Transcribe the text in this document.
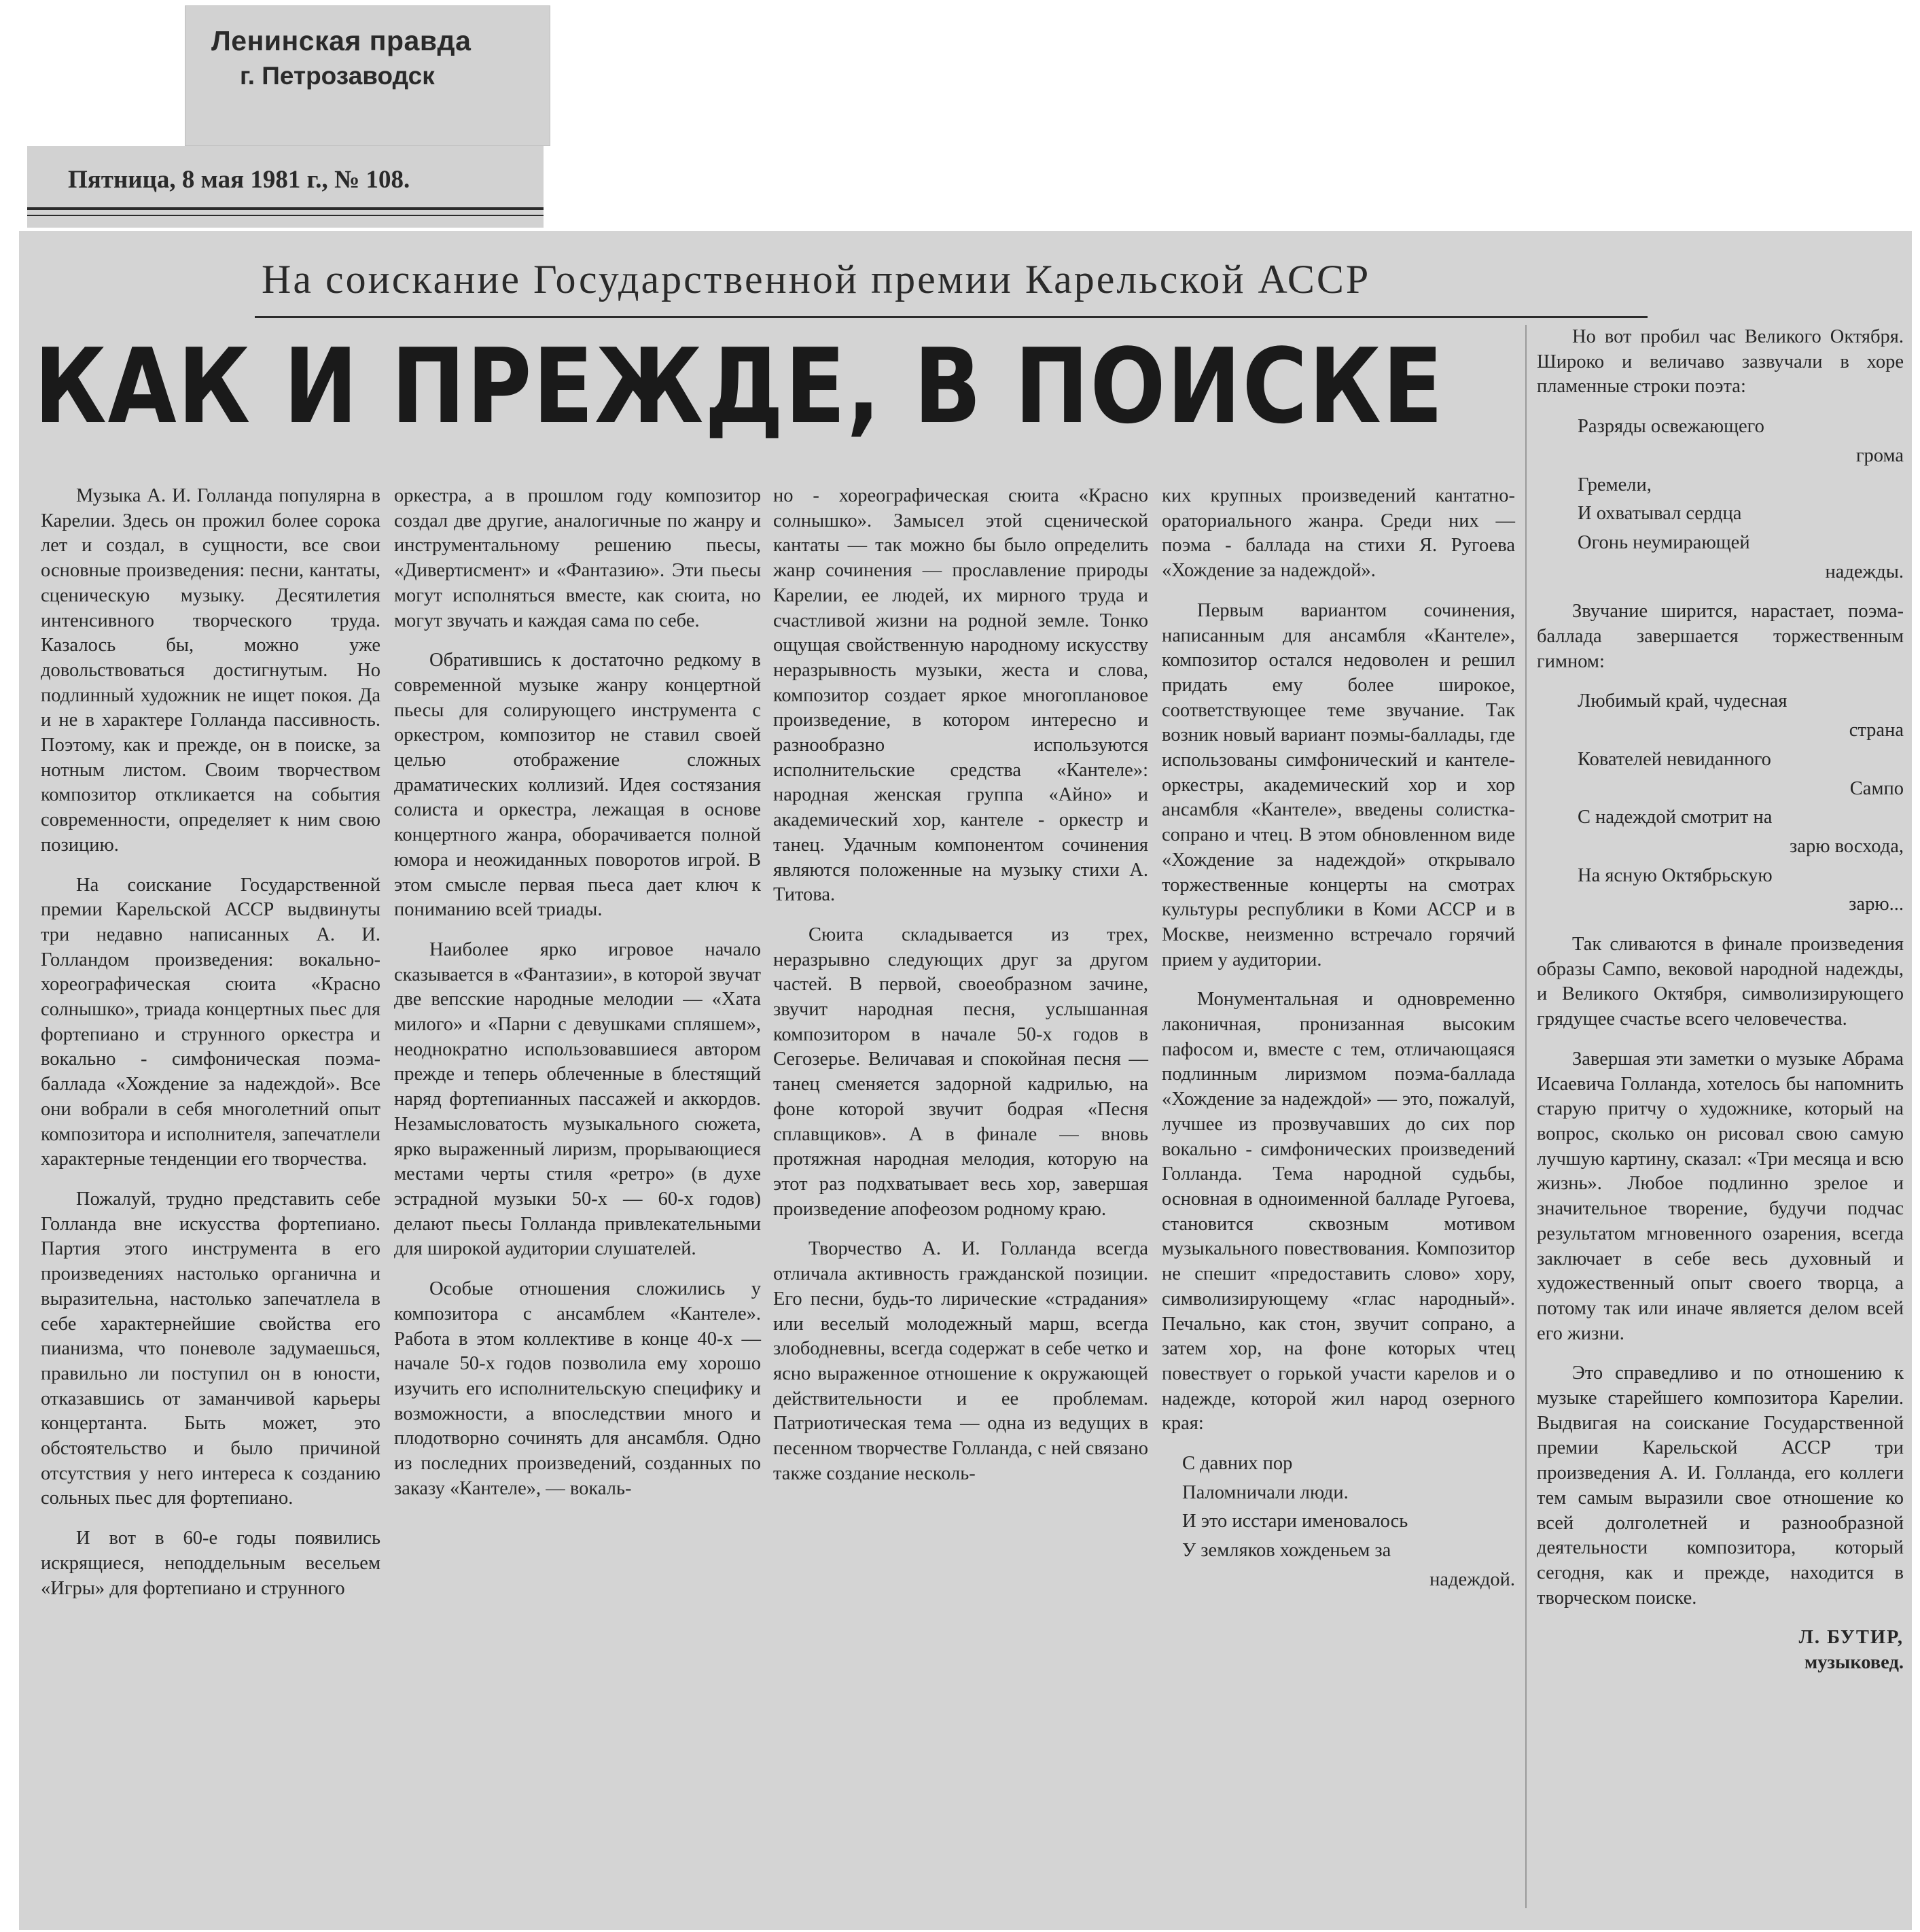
Ленинская правда
г. Петрозаводск
Пятница, 8 мая 1981 г., № 108.
На соискание Государственной премии Карельской АССР
КАК И ПРЕЖДЕ, В ПОИСКЕ

Музыка А. И. Голланда популярна в Карелии. Здесь он прожил более сорока лет и создал, в сущности, все свои основные произведения: песни, кантаты, сценическую музыку. Десятилетия интенсивного творческого труда. Казалось бы, можно уже довольствоваться достигнутым. Но подлинный художник не ищет покоя. Да и не в характере Голланда пассивность. Поэтому, как и прежде, он в поиске, за нотным листом. Своим творчеством композитор откликается на события современности, определяет к ним свою позицию.

На соискание Государственной премии Карельской АССР выдвинуты три недавно написанных А. И. Голландом произведения: вокально-хореографическая сюита «Красно солнышко», триада концертных пьес для фортепиано и струнного оркестра и вокально - симфоническая поэма-баллада «Хождение за надеждой». Все они вобрали в себя многолетний опыт композитора и исполнителя, запечатлели характерные тенденции его творчества.

Пожалуй, трудно представить себе Голланда вне искусства фортепиано. Партия этого инструмента в его произведениях настолько органична и выразительна, настолько запечатлела в себе характернейшие свойства его пианизма, что поневоле задумаешься, правильно ли поступил он в юности, отказавшись от заманчивой карьеры концертанта. Быть может, это обстоятельство и было причиной отсутствия у него интереса к созданию сольных пьес для фортепиано.

И вот в 60-е годы появились искрящиеся, неподдельным весельем «Игры» для фортепиано и струнного

оркестра, а в прошлом году композитор создал две другие, аналогичные по жанру и инструментальному решению пьесы, «Дивертисмент» и «Фантазию». Эти пьесы могут исполняться вместе, как сюита, но могут звучать и каждая сама по себе.

Обратившись к достаточно редкому в современной музыке жанру концертной пьесы для солирующего инструмента с оркестром, композитор не ставил своей целью отображение сложных драматических коллизий. Идея состязания солиста и оркестра, лежащая в основе концертного жанра, оборачивается полной юмора и неожиданных поворотов игрой. В этом смысле первая пьеса дает ключ к пониманию всей триады.

Наиболее ярко игровое начало сказывается в «Фантазии», в которой звучат две вепсские народные мелодии — «Хата милого» и «Парни с девушками спляшем», неоднократно использовавшиеся автором прежде и теперь облеченные в блестящий наряд фортепианных пассажей и аккордов. Незамысловатость музыкального сюжета, ярко выраженный лиризм, прорывающиеся местами черты стиля «ретро» (в духе эстрадной музыки 50-х — 60-х годов) делают пьесы Голланда привлекательными для широкой аудитории слушателей.

Особые отношения сложились у композитора с ансамблем «Кантеле». Работа в этом коллективе в конце 40-х — начале 50-х годов позволила ему хорошо изучить его исполнительскую специфику и возможности, а впоследствии много и плодотворно сочинять для ансамбля. Одно из последних произведений, созданных по заказу «Кантеле», — вокаль-

но - хореографическая сюита «Красно солнышко». Замысел этой сценической кантаты — так можно бы было определить жанр сочинения — прославление природы Карелии, ее людей, их мирного труда и счастливой жизни на родной земле. Тонко ощущая свойственную народному искусству неразрывность музыки, жеста и слова, композитор создает яркое многоплановое произведение, в котором интересно и разнообразно используются исполнительские средства «Кантеле»: народная женская группа «Айно» и академический хор, кантеле - оркестр и танец. Удачным компонентом сочинения являются положенные на музыку стихи А. Титова.

Сюита складывается из трех, неразрывно следующих друг за другом частей. В первой, своеобразном зачине, звучит народная песня, услышанная композитором в начале 50-х годов в Сегозерье. Величавая и спокойная песня — танец сменяется задорной кадрилью, на фоне которой звучит бодрая «Песня сплавщиков». А в финале — вновь протяжная народная мелодия, которую на этот раз подхватывает весь хор, завершая произведение апофеозом родному краю.

Творчество А. И. Голланда всегда отличала активность гражданской позиции. Его песни, будь-то лирические «страдания» или веселый молодежный марш, всегда злободневны, всегда содержат в себе четко и ясно выраженное отношение к окружающей действительности и ее проблемам. Патриотическая тема — одна из ведущих в песенном творчестве Голланда, с ней связано также создание несколь-

ких крупных произведений кантатно-ораториального жанра. Среди них — поэма - баллада на стихи Я. Ругоева «Хождение за надеждой».

Первым вариантом сочинения, написанным для ансамбля «Кантеле», композитор остался недоволен и решил придать ему более широкое, соответствующее теме звучание. Так возник новый вариант поэмы-баллады, где использованы симфонический и кантеле-оркестры, академический хор и хор ансамбля «Кантеле», введены солистка-сопрано и чтец. В этом обновленном виде «Хождение за надеждой» открывало торжественные концерты на смотрах культуры республики в Коми АССР и в Москве, неизменно встречало горячий прием у аудитории.

Монументальная и одновременно лаконичная, пронизанная высоким пафосом и, вместе с тем, отличающаяся подлинным лиризмом поэма-баллада «Хождение за надеждой» — это, пожалуй, лучшее из прозвучавших до сих пор вокально - симфонических произведений Голланда. Тема народной судьбы, основная в одноименной балладе Ругоева, становится сквозным мотивом музыкального повествования. Композитор не спешит «предоставить слово» хору, символизирующему «глас народный». Печально, как стон, звучит сопрано, а затем хор, на фоне которых чтец повествует о горькой участи карелов и о надежде, которой жил народ озерного края:

С давних пор
Паломничали люди.
И это исстари именовалось
У земляков хожденьем за
надеждой.

Но вот пробил час Великого Октября. Широко и величаво зазвучали в хоре пламенные строки поэта:

Разряды освежающего
грома
Гремели,
И охватывал сердца
Огонь неумирающей
надежды.

Звучание ширится, нарастает, поэма-баллада завершается торжественным гимном:

Любимый край, чудесная
страна
Ковател​ей невиданного
Сампо
С надеждой смотрит на
зарю восхода,
На ясную Октябрьскую
зарю...

Так сливаются в финале произведения образы Сампо, вековой народной надежды, и Великого Октября, символизирующего грядущее счастье всего человечества.

Завершая эти заметки о музыке Абрама Исаевича Голланда, хотелось бы напомнить старую притчу о художнике, который на вопрос, сколько он рисовал свою самую лучшую картину, сказал: «Три месяца и всю жизнь». Любое подлинно зрелое и значительное творение, будучи подчас результатом мгновенного озарения, всегда заключает в себе весь духовный и художественный опыт своего творца, а потому так или иначе является делом всей его жизни.

Это справедливо и по отношению к музыке старейшего композитора Карелии. Выдвигая на соискание Государственной премии Карельской АССР три произведения А. И. Голланда, его коллеги тем самым выразили свое отношение ко всей долголетней и разнообразной деятельности композитора, который сегодня, как и прежде, находится в творческом поиске.

Л. БУТИР,
музыковед.
